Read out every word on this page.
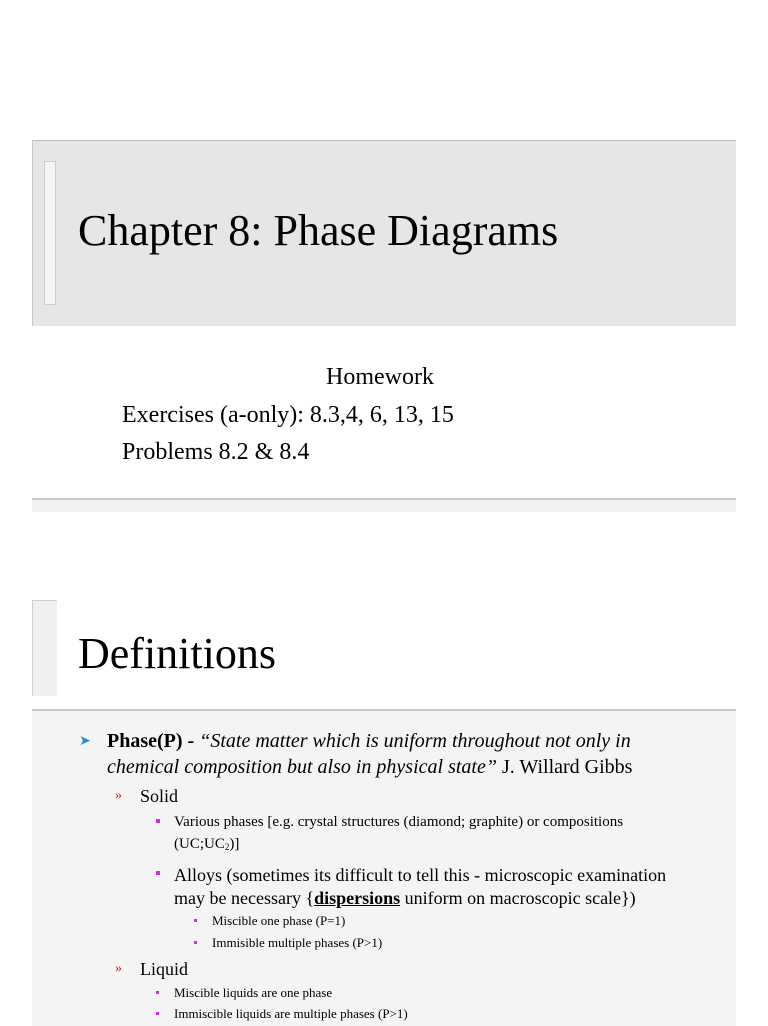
Chapter 8: Phase Diagrams
Homework
Exercises (a-only): 8.3,4, 6, 13, 15
Problems 8.2 & 8.4
Definitions
➤ Phase(P) - “State matter which is uniform throughout not only in
chemical composition but also in physical state” J. Willard Gibbs
» Solid
Various phases [e.g. crystal structures (diamond; graphite) or compositions
$(UC;UC_2)$]
Alloys (sometimes its difficult to tell this - microscopic examination
may be necessary {dispersions uniform on macroscopic scale})
Miscible one phase (P=1)
Immisible multiple phases (P>1)
» Liquid
Miscible liquids are one phase
Immiscible liquids are multiple phases (P>1)
